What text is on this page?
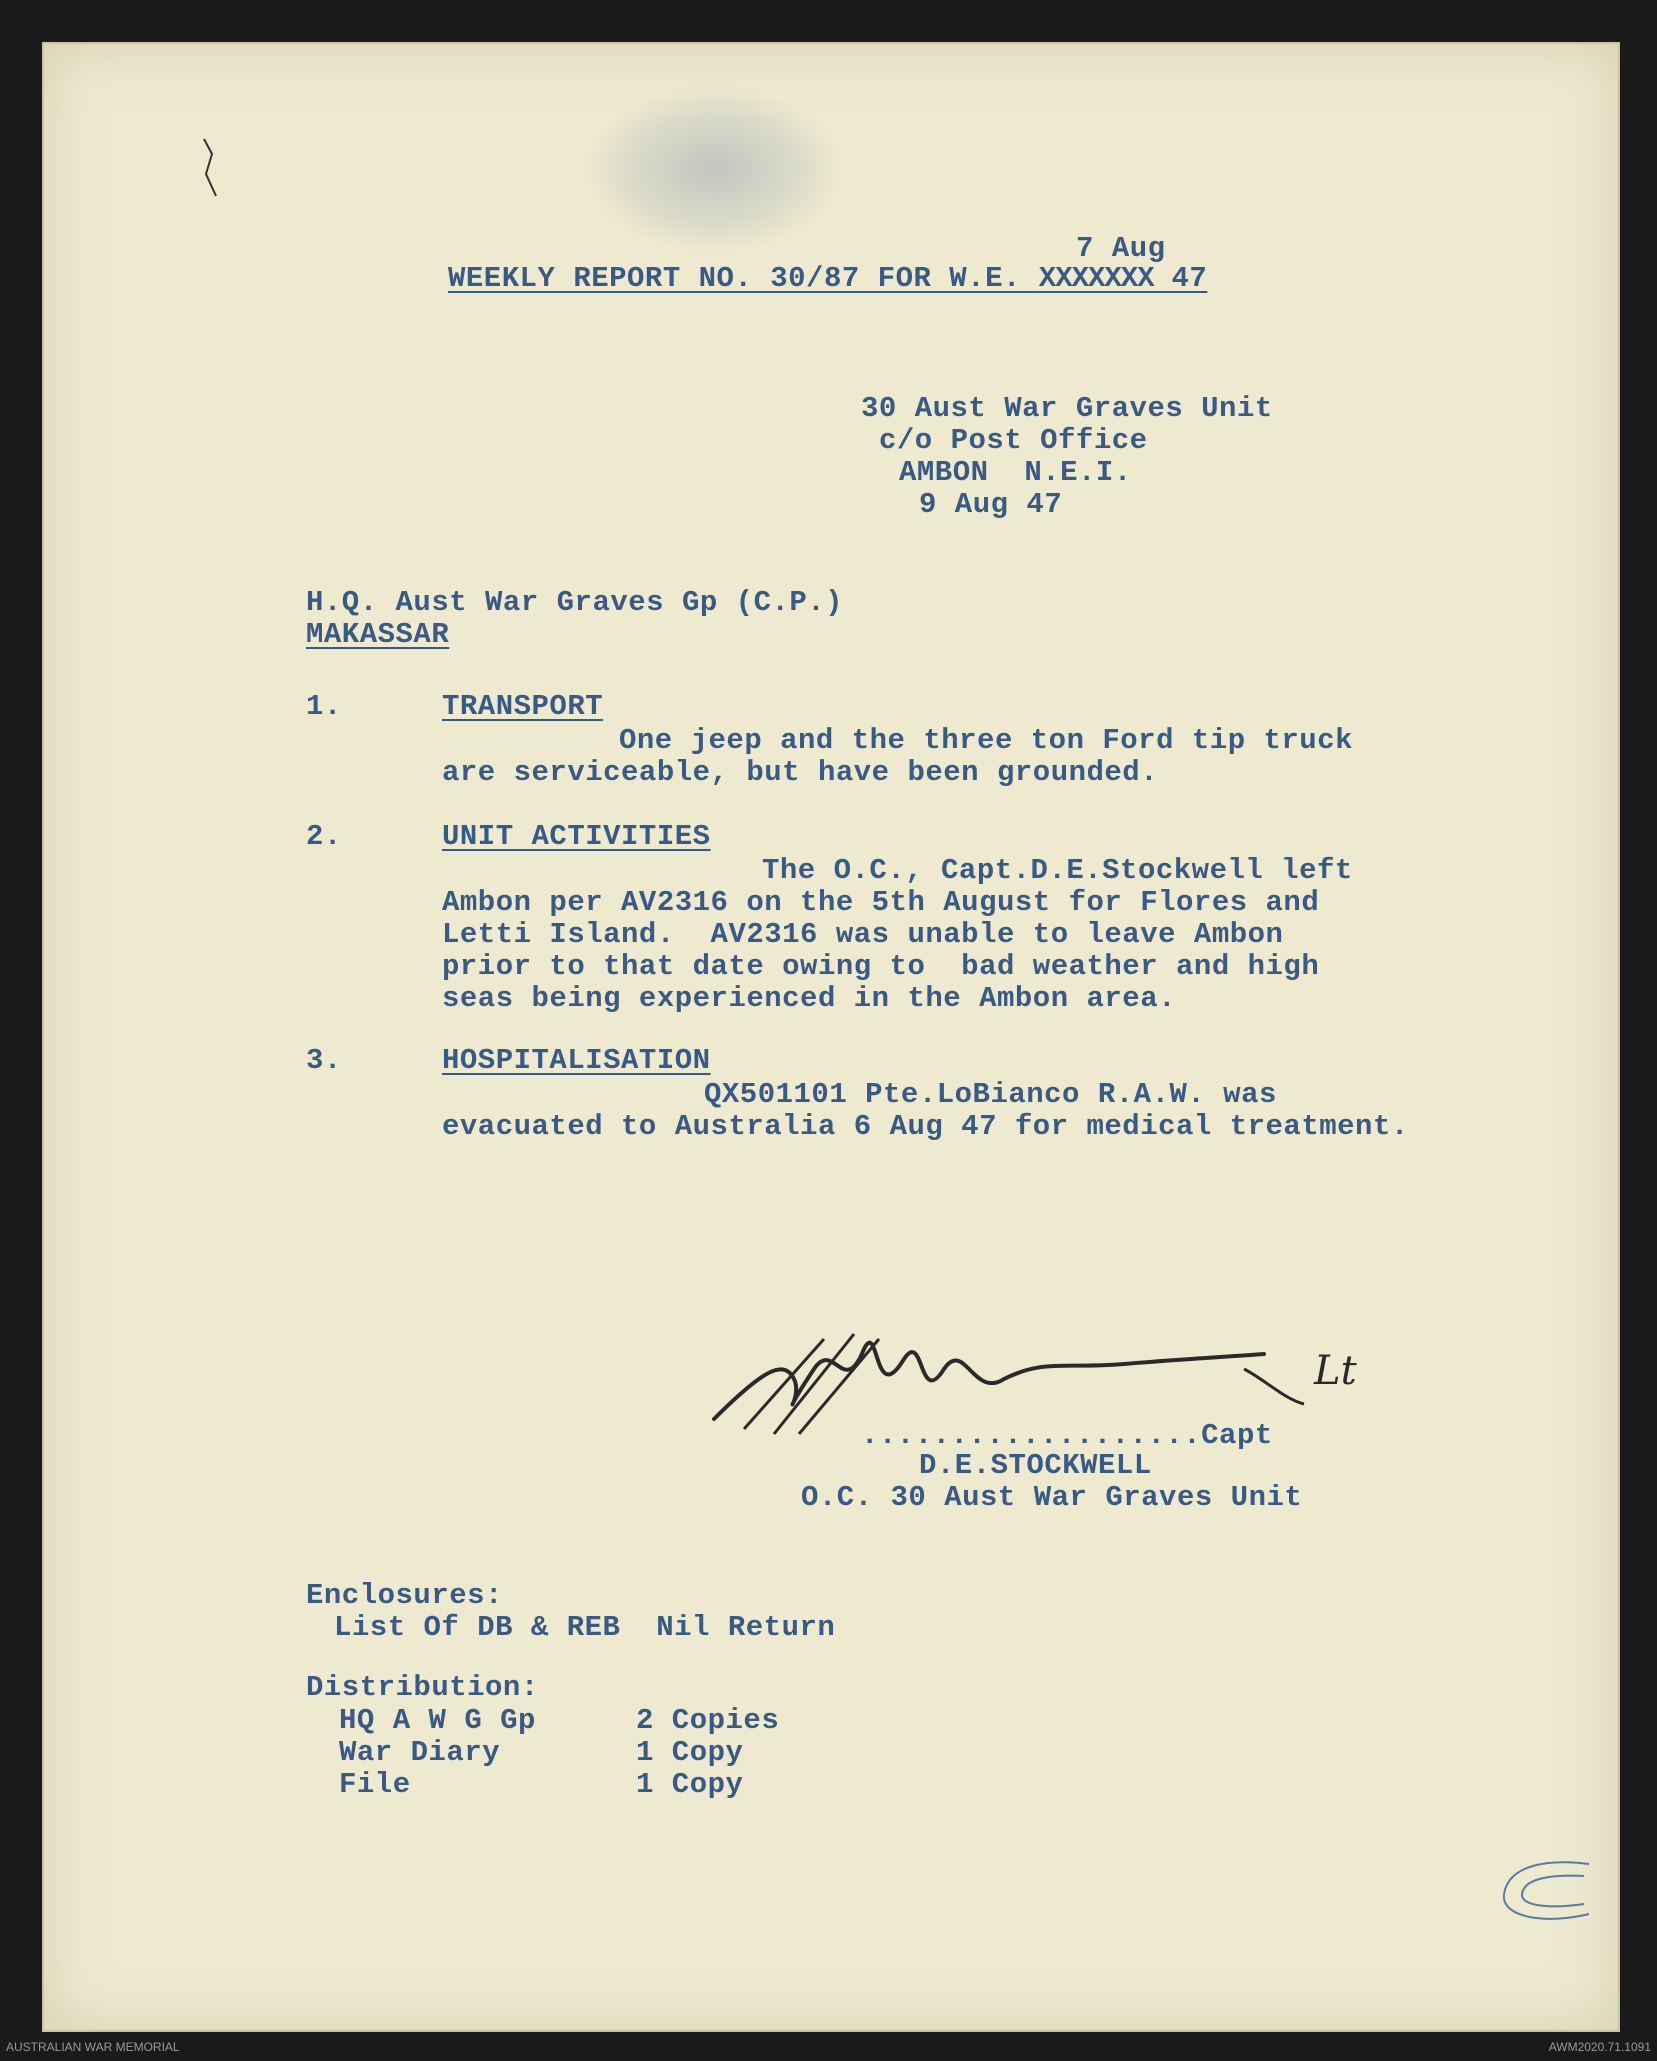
7 Aug
WEEKLY REPORT NO. 30/87 FOR W.E. XXXXXXX 47
30 Aust War Graves Unit
c/o Post Office
AMBON  N.E.I.
9 Aug 47
H.Q. Aust War Graves Gp (C.P.)
MAKASSAR
1.	TRANSPORT
One jeep and the three ton Ford tip truck
are serviceable, but have been grounded.
2.	UNIT ACTIVITIES
The O.C., Capt.D.E.Stockwell left
Ambon per AV2316 on the 5th August for Flores and
Letti Island.  AV2316 was unable to leave Ambon
prior to that date owing to  bad weather and high
seas being experienced in the Ambon area.
3.	HOSPITALISATION
QX501101 Pte.LoBianco R.A.W. was
evacuated to Australia 6 Aug 47 for medical treatment.
Lt
...................Capt
D.E.STOCKWELL
O.C. 30 Aust War Graves Unit
Enclosures:
List Of DB & REB  Nil Return
Distribution:
HQ A W G Gp	2 Copies
War Diary	1 Copy
File	1 Copy
AUSTRALIAN WAR MEMORIAL	AWM2020.71.1091
